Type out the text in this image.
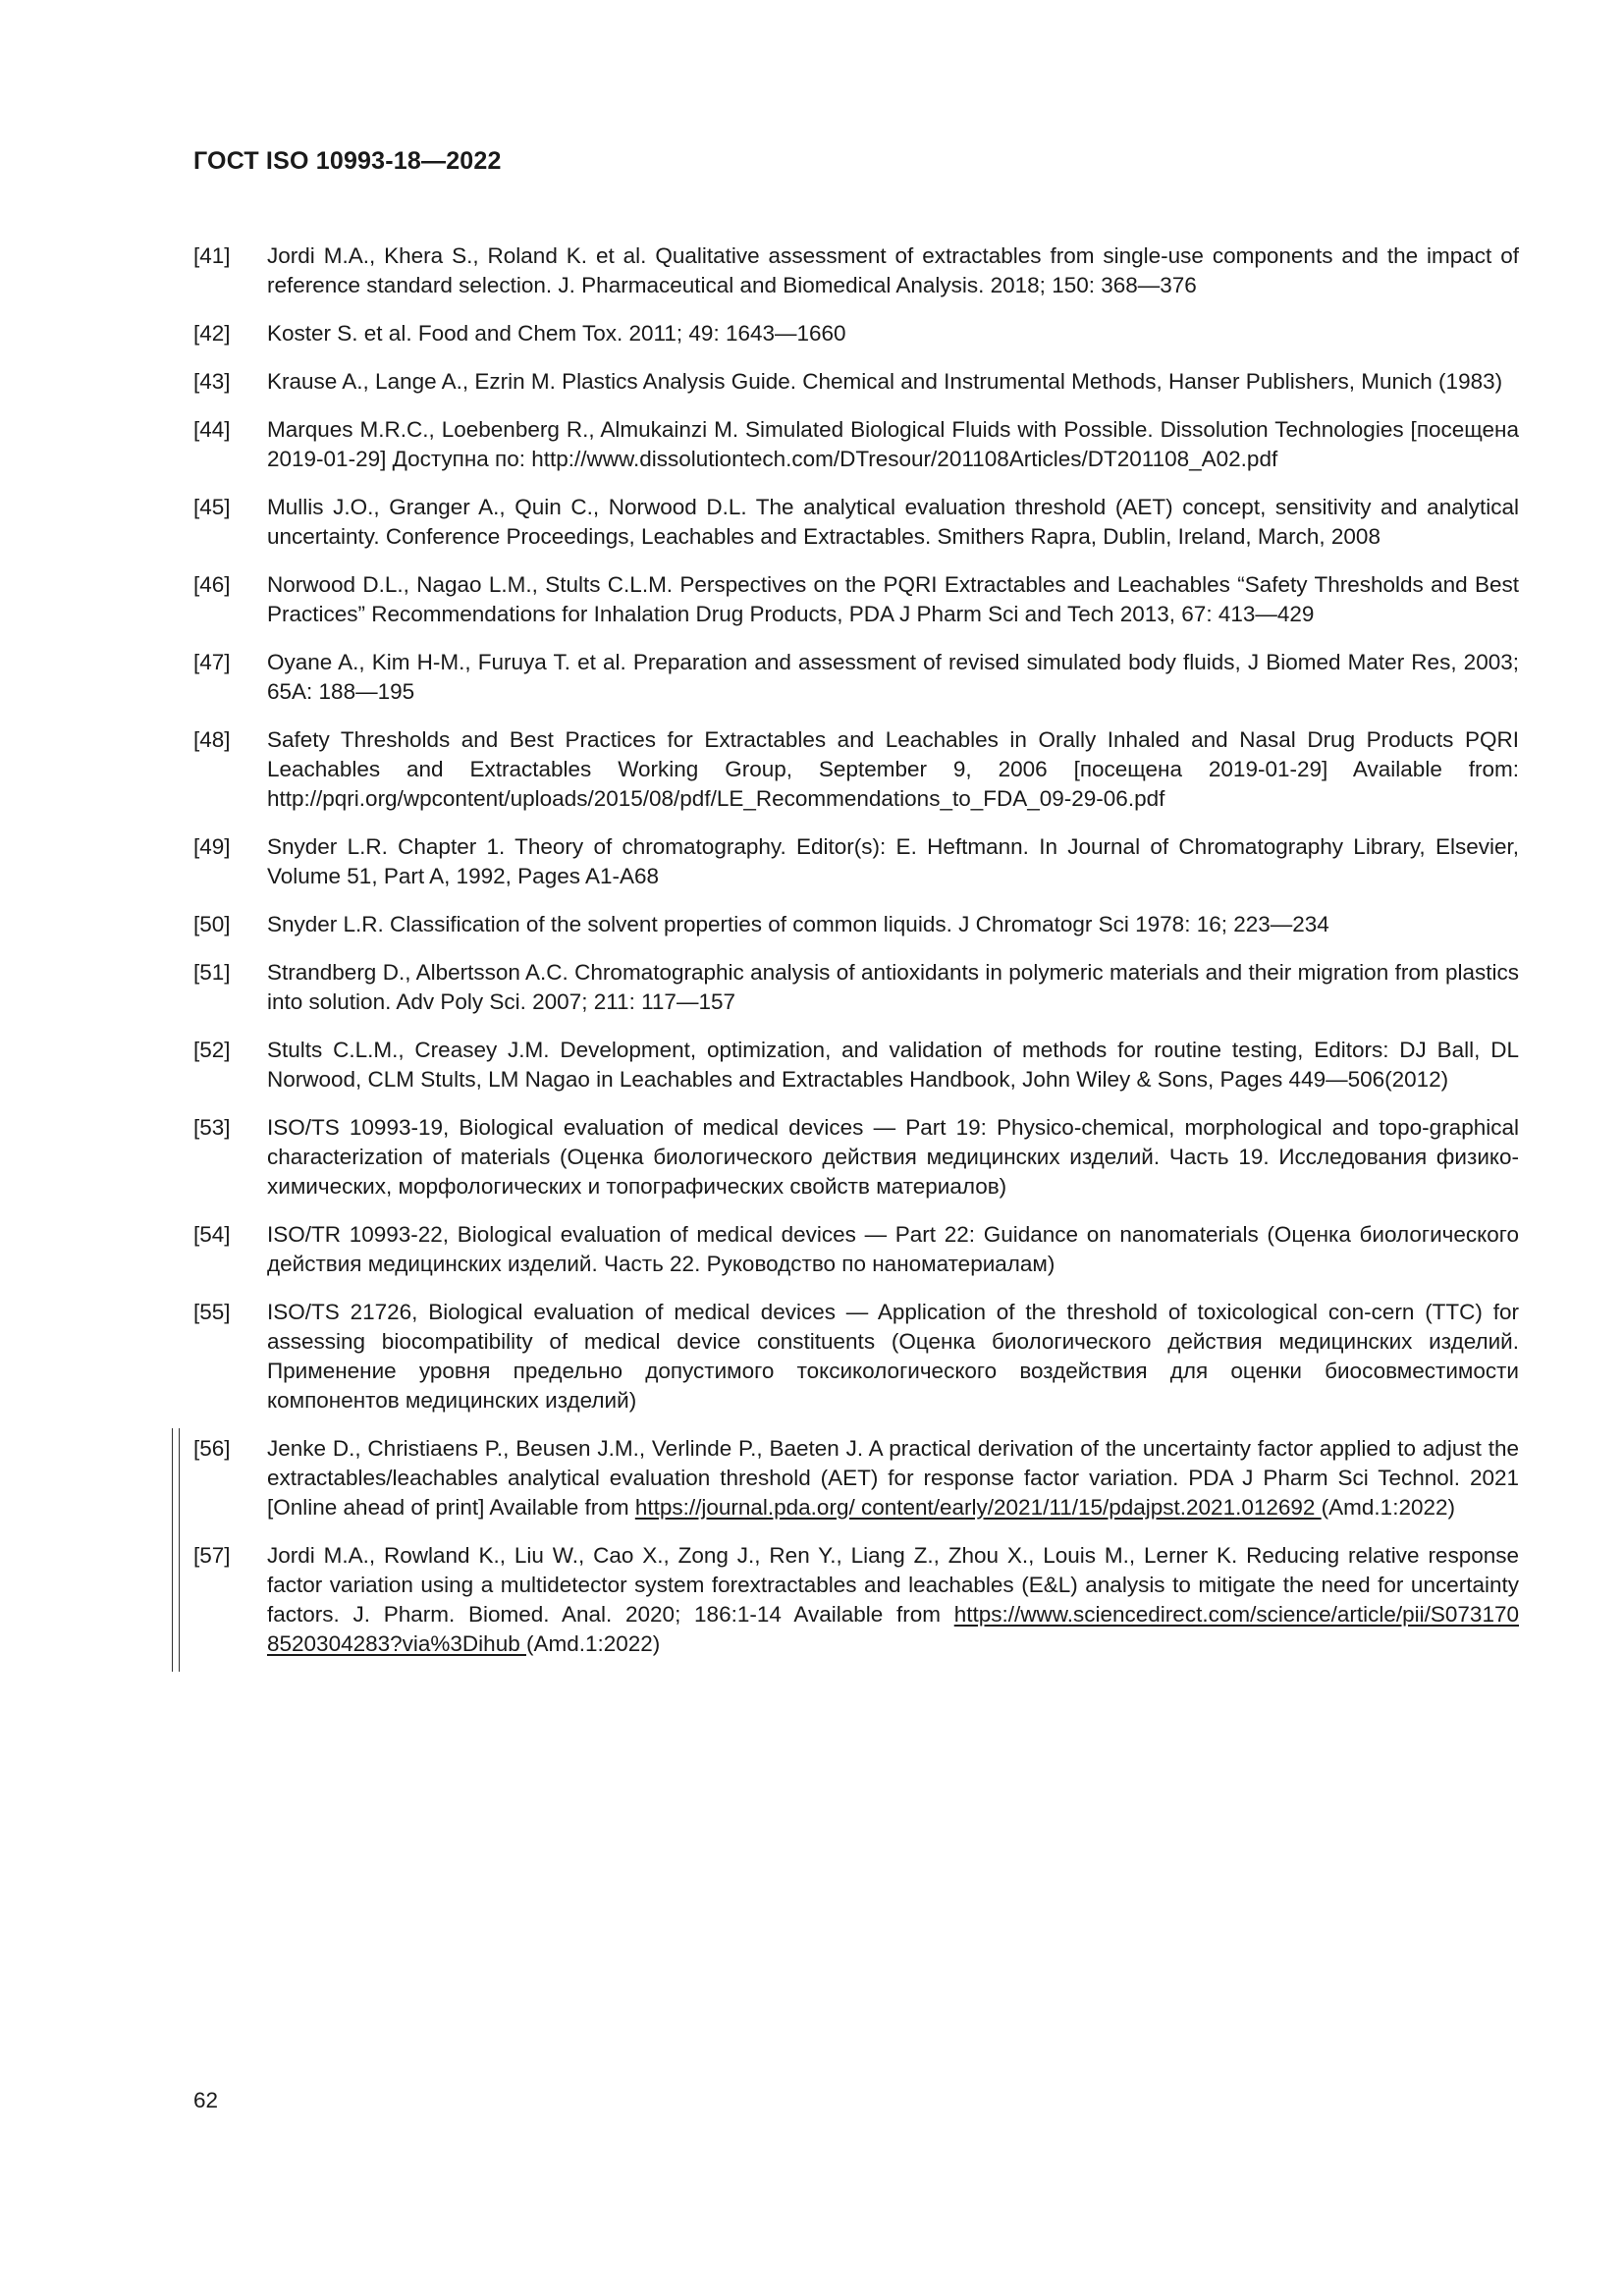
ГОСТ ISO 10993-18—2022
[41]	Jordi M.A., Khera S., Roland K. et al. Qualitative assessment of extractables from single-use components and the impact of reference standard selection. J. Pharmaceutical and Biomedical Analysis. 2018; 150: 368—376
[42]	Koster S. et al. Food and Chem Tox. 2011; 49: 1643—1660
[43]	Krause A., Lange A., Ezrin M. Plastics Analysis Guide. Chemical and Instrumental Methods, Hanser Publishers, Munich (1983)
[44]	Marques M.R.C., Loebenberg R., Almukainzi M. Simulated Biological Fluids with Possible. Dissolution Technologies [посещена 2019-01-29] Доступна по: http://www.dissolutiontech.com/DTresour/201108Articles/DT201108_A02.​pdf
[45]	Mullis J.O., Granger A., Quin C., Norwood D.L. The analytical evaluation threshold (AET) concept, sensitivity and analytical uncertainty. Conference Proceedings, Leachables and Extractables. Smithers Rapra, Dublin, Ireland, March, 2008
[46]	Norwood D.L., Nagao L.M., Stults C.L.M. Perspectives on the PQRI Extractables and Leachables “Safety Thresholds and Best Practices” Recommendations for Inhalation Drug Products, PDA J Pharm Sci and Tech 2013, 67: 413—429
[47]	Oyane A., Kim H-M., Furuya T. et al. Preparation and assessment of revised simulated body fluids, J Biomed Mater Res, 2003; 65A: 188—195
[48]	Safety Thresholds and Best Practices for Extractables and Leachables in Orally Inhaled and Nasal Drug Products PQRI Leachables and Extractables Working Group, September 9, 2006 [посещена 2019-01-29] Available from: http://pqri.org/wpcontent/uploads/2015/08/pdf/LE_Recommendations_to_FDA_09-29-06.pdf
[49]	Snyder L.R. Chapter 1. Theory of chromatography. Editor(s): E. Heftmann. In Journal of Chromatography Library, Elsevier, Volume 51, Part A, 1992, Pages A1-A68
[50]	Snyder L.R. Classification of the solvent properties of common liquids. J Chromatogr Sci 1978: 16; 223—234
[51]	Strandberg D., Albertsson A.C. Chromatographic analysis of antioxidants in polymeric materials and their migration from plastics into solution. Adv Poly Sci. 2007; 211: 117—157
[52]	Stults C.L.M., Creasey J.M. Development, optimization, and validation of methods for routine testing, Editors: DJ Ball, DL Norwood, CLM Stults, LM Nagao in Leachables and Extractables Handbook, John Wiley & Sons, Pages 449—506(2012)
[53]	ISO/TS 10993-19, Biological evaluation of medical devices — Part 19: Physico-chemical, morphological and topo-​graphical characterization of materials (Оценка биологического действия медицинских изделий. Часть 19. Исследования физико-химических, морфологических и топографических свойств материалов)
[54]	ISO/TR 10993-22, Biological evaluation of medical devices — Part 22: Guidance on nanomaterials (Оценка биологического действия медицинских изделий. Часть 22. Руководство по наноматериалам)
[55]	ISO/TS 21726, Biological evaluation of medical devices — Application of the threshold of toxicological con-​cern (TTC) for assessing biocompatibility of medical device constituents (Оценка биологического действия медицинских изделий. Применение уровня предельно допустимого токсикологического воздействия для оценки биосовместимости компонентов медицинских изделий)
[56]	Jenke D., Christiaens P., Beusen J.M., Verlinde P., Baeten J. A practical derivation of the uncertainty factor applied to adjust the extractables/leachables analytical evaluation threshold (AET) for response factor variation. PDA J Pharm Sci Technol. 2021 [Online ahead of print] Available from https://journal.pda.org/ content/early/2021/11/15/​pdajpst.2021.012692 (Amd.1:2022)
[57]	Jordi M.A., Rowland K., Liu W., Cao X., Zong J., Ren Y., Liang Z., Zhou X., Louis M., Lerner K. Reducing relative response factor variation using a multidetector system forextractables and leachables (E&L) analysis to mitigate the need for uncertainty factors. J. Pharm. Biomed. Anal. 2020; 186:1-14 Available from https://www.sciencedirect.com/​science/article/pii/S073170 8520304283?via%3Dihub (Amd.1:2022)
62
